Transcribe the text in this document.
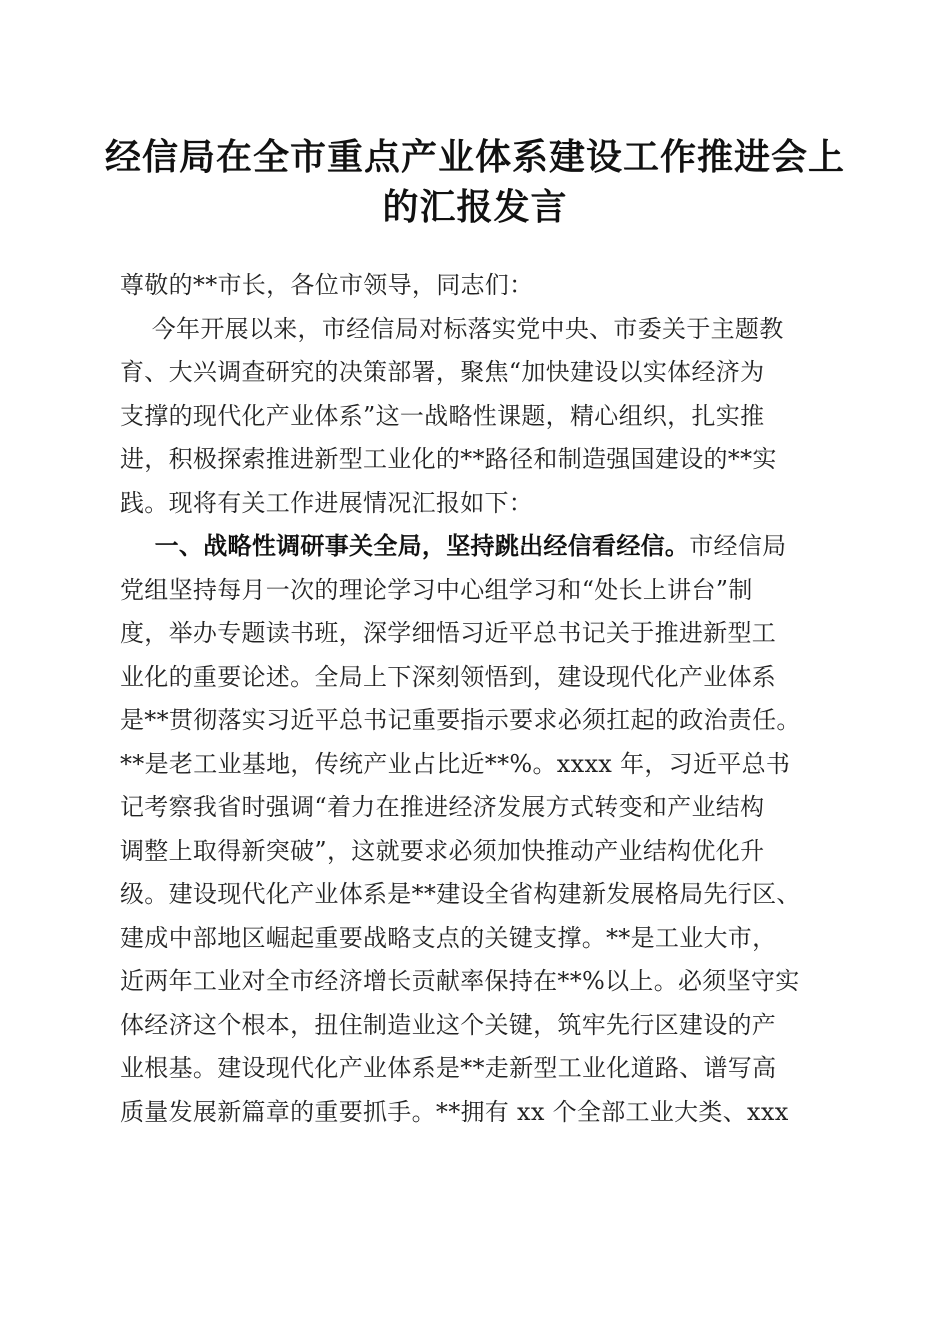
经信局在全市重点产业体系建设工作推进会上
的汇报发言
尊敬的**市长，各位市领导，同志们：
今年开展以来，市经信局对标落实党中央、市委关于主题教
育、大兴调查研究的决策部署，聚焦“加快建设以实体经济为
支撑的现代化产业体系”这一战略性课题，精心组织，扎实推
进，积极探索推进新型工业化的**路径和制造强国建设的**实
践。现将有关工作进展情况汇报如下：
一、战略性调研事关全局，坚持跳出经信看经信。市经信局
党组坚持每月一次的理论学习中心组学习和“处长上讲台”制
度，举办专题读书班，深学细悟习近平总书记关于推进新型工
业化的重要论述。全局上下深刻领悟到，建设现代化产业体系
是**贯彻落实习近平总书记重要指示要求必须扛起的政治责任。
**是老工业基地，传统产业占比近**%。xxxx 年，习近平总书
记考察我省时强调“着力在推进经济发展方式转变和产业结构
调整上取得新突破”，这就要求必须加快推动产业结构优化升
级。建设现代化产业体系是**建设全省构建新发展格局先行区、
建成中部地区崛起重要战略支点的关键支撑。**是工业大市，
近两年工业对全市经济增长贡献率保持在**%以上。必须坚守实
体经济这个根本，扭住制造业这个关键，筑牢先行区建设的产
业根基。建设现代化产业体系是**走新型工业化道路、谱写高
质量发展新篇章的重要抓手。**拥有 xx 个全部工业大类、xxx
